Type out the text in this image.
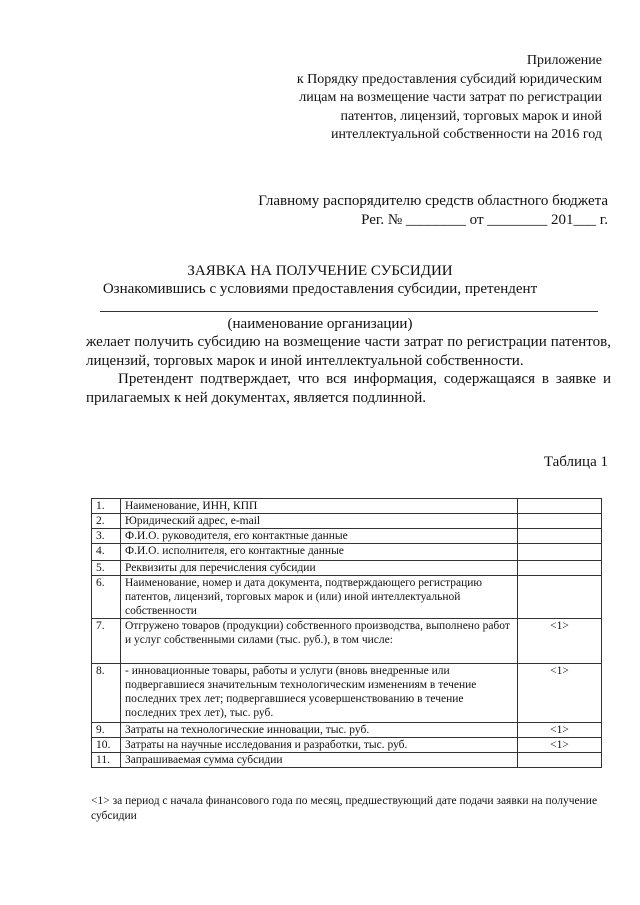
Приложение
к Порядку предоставления субсидий юридическим
лицам на возмещение части затрат по регистрации
патентов, лицензий, торговых марок и иной
интеллектуальной собственности на 2016 год
Главному распорядителю средств областного бюджета
Рег. № ________ от ________ 201___ г.
ЗАЯВКА НА ПОЛУЧЕНИЕ СУБСИДИИ
Ознакомившись с условиями предоставления субсидии, претендент
(наименование организации)
желает получить субсидию на возмещение части затрат по регистрации патентов, лицензий, торговых марок и иной интеллектуальной собственности.
Претендент подтверждает, что вся информация, содержащаяся в заявке и прилагаемых к ней документах, является подлинной.
Таблица 1
1.	Наименование, ИНН, КПП	
2.	Юридический адрес, e-mail	
3.	Ф.И.О. руководителя, его контактные данные	
4.	Ф.И.О. исполнителя, его контактные данные	
5.	Реквизиты для перечисления субсидии	
6.	Наименование, номер и дата документа, подтверждающего регистрацию патентов, лицензий, торговых марок и (или) иной интеллектуальной собственности	
7.	Отгружено товаров (продукции) собственного производства, выполнено работ и услуг собственными силами (тыс. руб.), в том числе:	<1>
8.	- инновационные товары, работы и услуги (вновь внедренные или подвергавшиеся значительным технологическим изменениям в течение последних трех лет; подвергавшиеся усовершенствованию в течение последних трех лет), тыс. руб.	<1>
9.	Затраты на технологические инновации, тыс. руб.	<1>
10.	Затраты на научные исследования и разработки, тыс. руб.	<1>
11.	Запрашиваемая сумма субсидии	
<1> за период с начала финансового года по месяц, предшествующий дате подачи заявки на получение субсидии
